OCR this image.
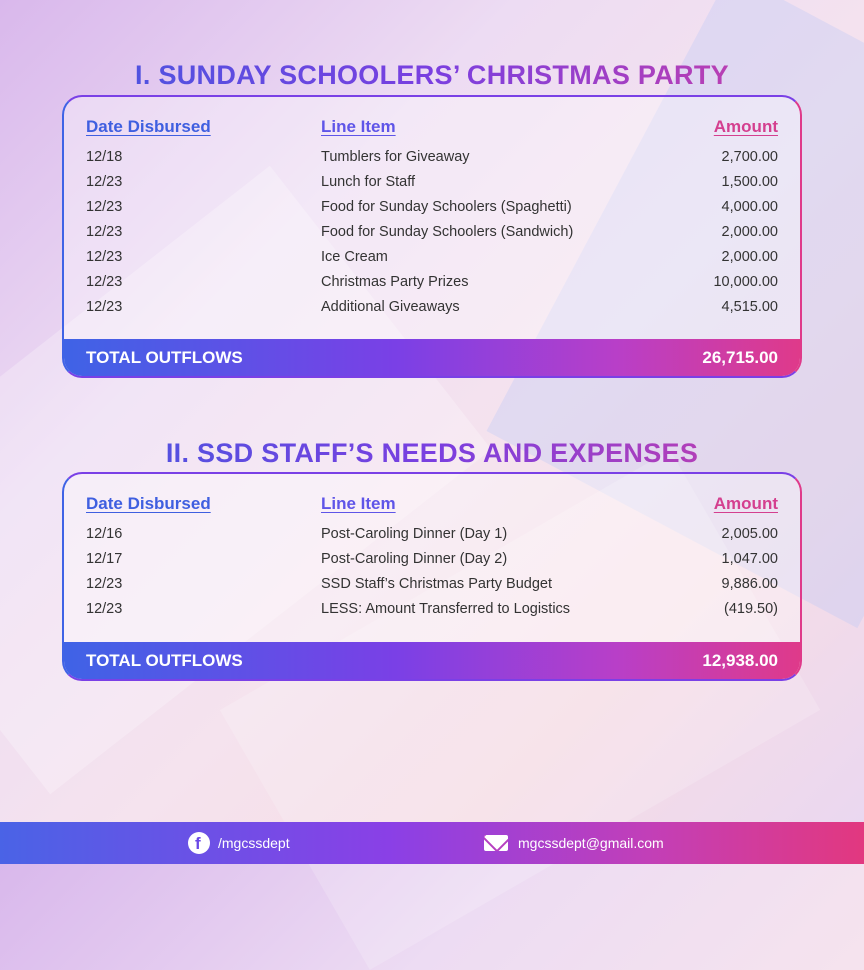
I. SUNDAY SCHOOLERS’ CHRISTMAS PARTY
Date Disbursed	Line Item	Amount
12/18	Tumblers for Giveaway	2,700.00
12/23	Lunch for Staff	1,500.00
12/23	Food for Sunday Schoolers (Spaghetti)	4,000.00
12/23	Food for Sunday Schoolers (Sandwich)	2,000.00
12/23	Ice Cream	2,000.00
12/23	Christmas Party Prizes	10,000.00
12/23	Additional Giveaways	4,515.00
TOTAL OUTFLOWS	26,715.00
II. SSD STAFF’S NEEDS AND EXPENSES
Date Disbursed	Line Item	Amount
12/16	Post-Caroling Dinner (Day 1)	2,005.00
12/17	Post-Caroling Dinner (Day 2)	1,047.00
12/23	SSD Staff’s Christmas Party Budget	9,886.00
12/23	LESS: Amount Transferred to Logistics	(419.50)
TOTAL OUTFLOWS	12,938.00
f /mgcssdept	mgcssdept@gmail.com
